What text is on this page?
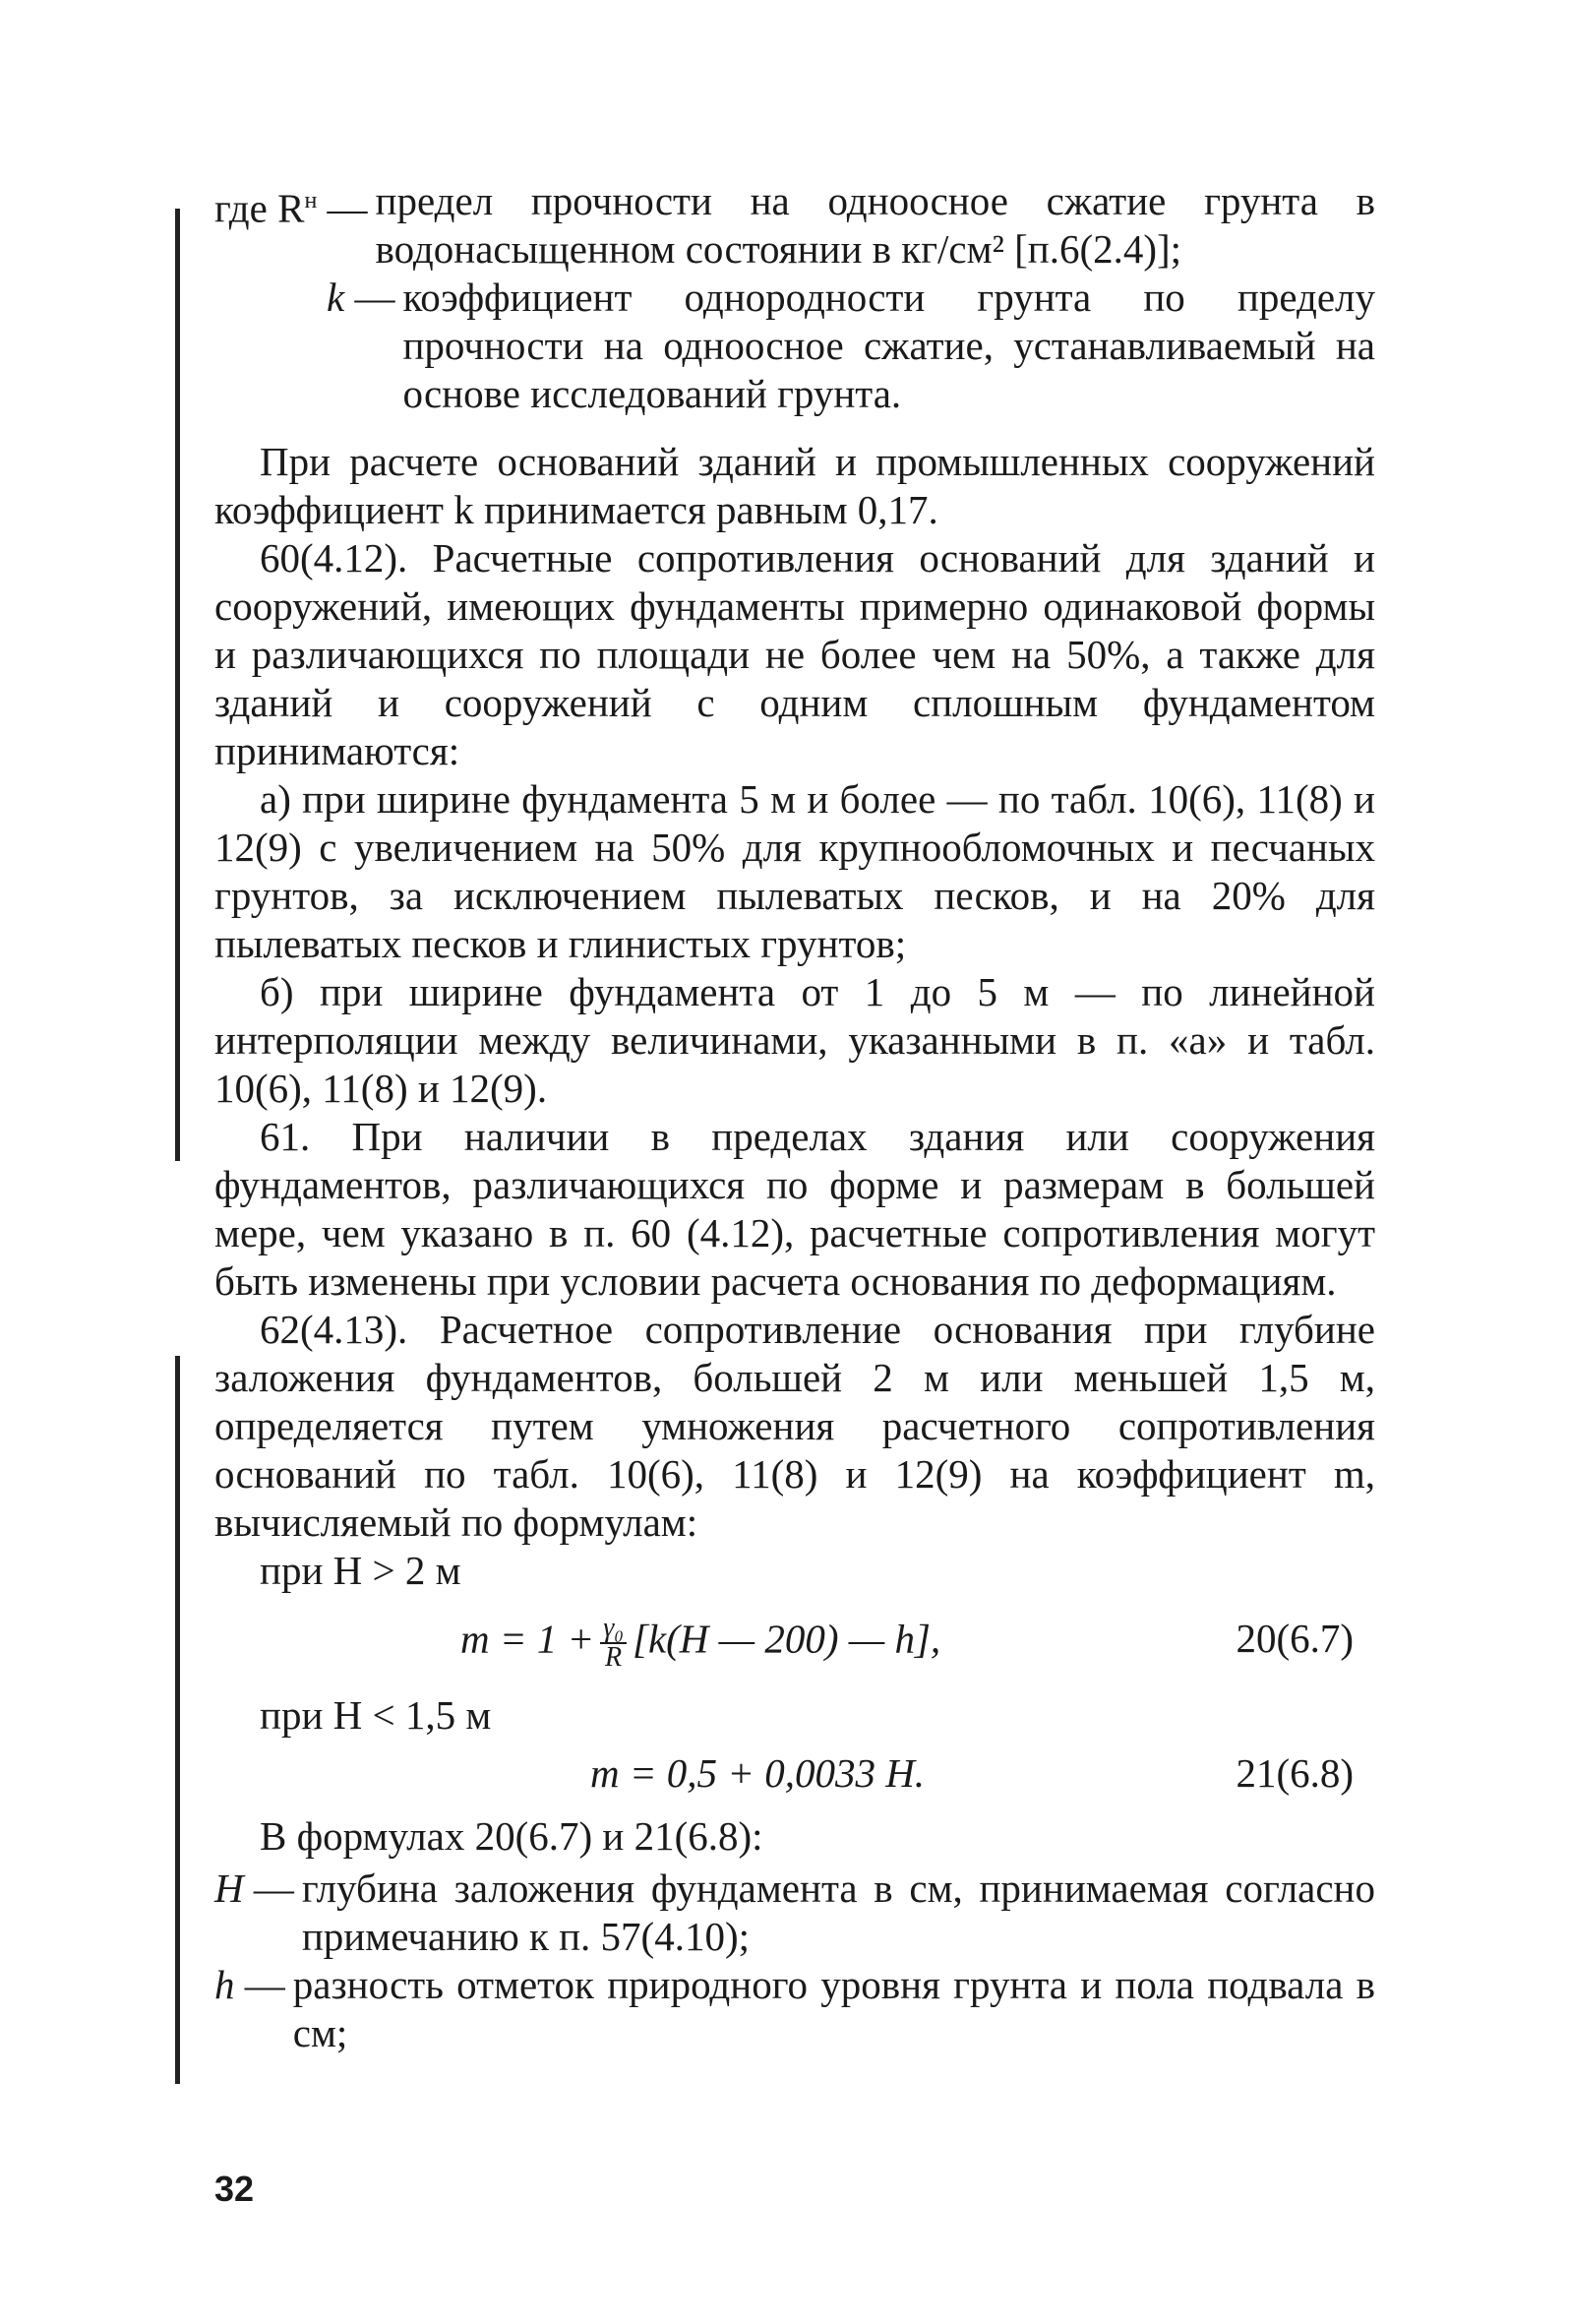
где $R^н$ — предел прочности на одноосное сжатие грунта в водонасыщенном состоянии в кг/см² [п.6(2.4)];
k — коэффициент однородности грунта по пределу прочности на одноосное сжатие, устанавливаемый на основе исследований грунта.

При расчете оснований зданий и промышленных сооружений коэффициент k принимается равным 0,17.

60(4.12). Расчетные сопротивления оснований для зданий и сооружений, имеющих фундаменты примерно одинаковой формы и различающихся по площади не более чем на 50%, а также для зданий и сооружений с одним сплошным фундаментом принимаются:

а) при ширине фундамента 5 м и более — по табл. 10(6), 11(8) и 12(9) с увеличением на 50% для крупнообломочных и песчаных грунтов, за исключением пылеватых песков, и на 20% для пылеватых песков и глинистых грунтов;

б) при ширине фундамента от 1 до 5 м — по линейной интерполяции между величинами, указанными в п. «а» и табл. 10(6), 11(8) и 12(9).

61. При наличии в пределах здания или сооружения фундаментов, различающихся по форме и размерам в большей мере, чем указано в п. 60 (4.12), расчетные сопротивления могут быть изменены при условии расчета основания по деформациям.

62(4.13). Расчетное сопротивление основания при глубине заложения фундаментов, большей 2 м или меньшей 1,5 м, определяется путем умножения расчетного сопротивления оснований по табл. 10(6), 11(8) и 12(9) на коэффициент m, вычисляемый по формулам:

при H > 2 м

$m = 1 + \frac{\text{γ₀}}{R} [k(H$ — 200) — h],	20(6.7)

при H < 1,5 м

m = 0,5 + 0,0033 H.	21(6.8)

В формулах 20(6.7) и 21(6.8):

H — глубина заложения фундамента в см, принимаемая согласно примечанию к п. 57(4.10);
h — разность отметок природного уровня грунта и пола подвала в см;
32
